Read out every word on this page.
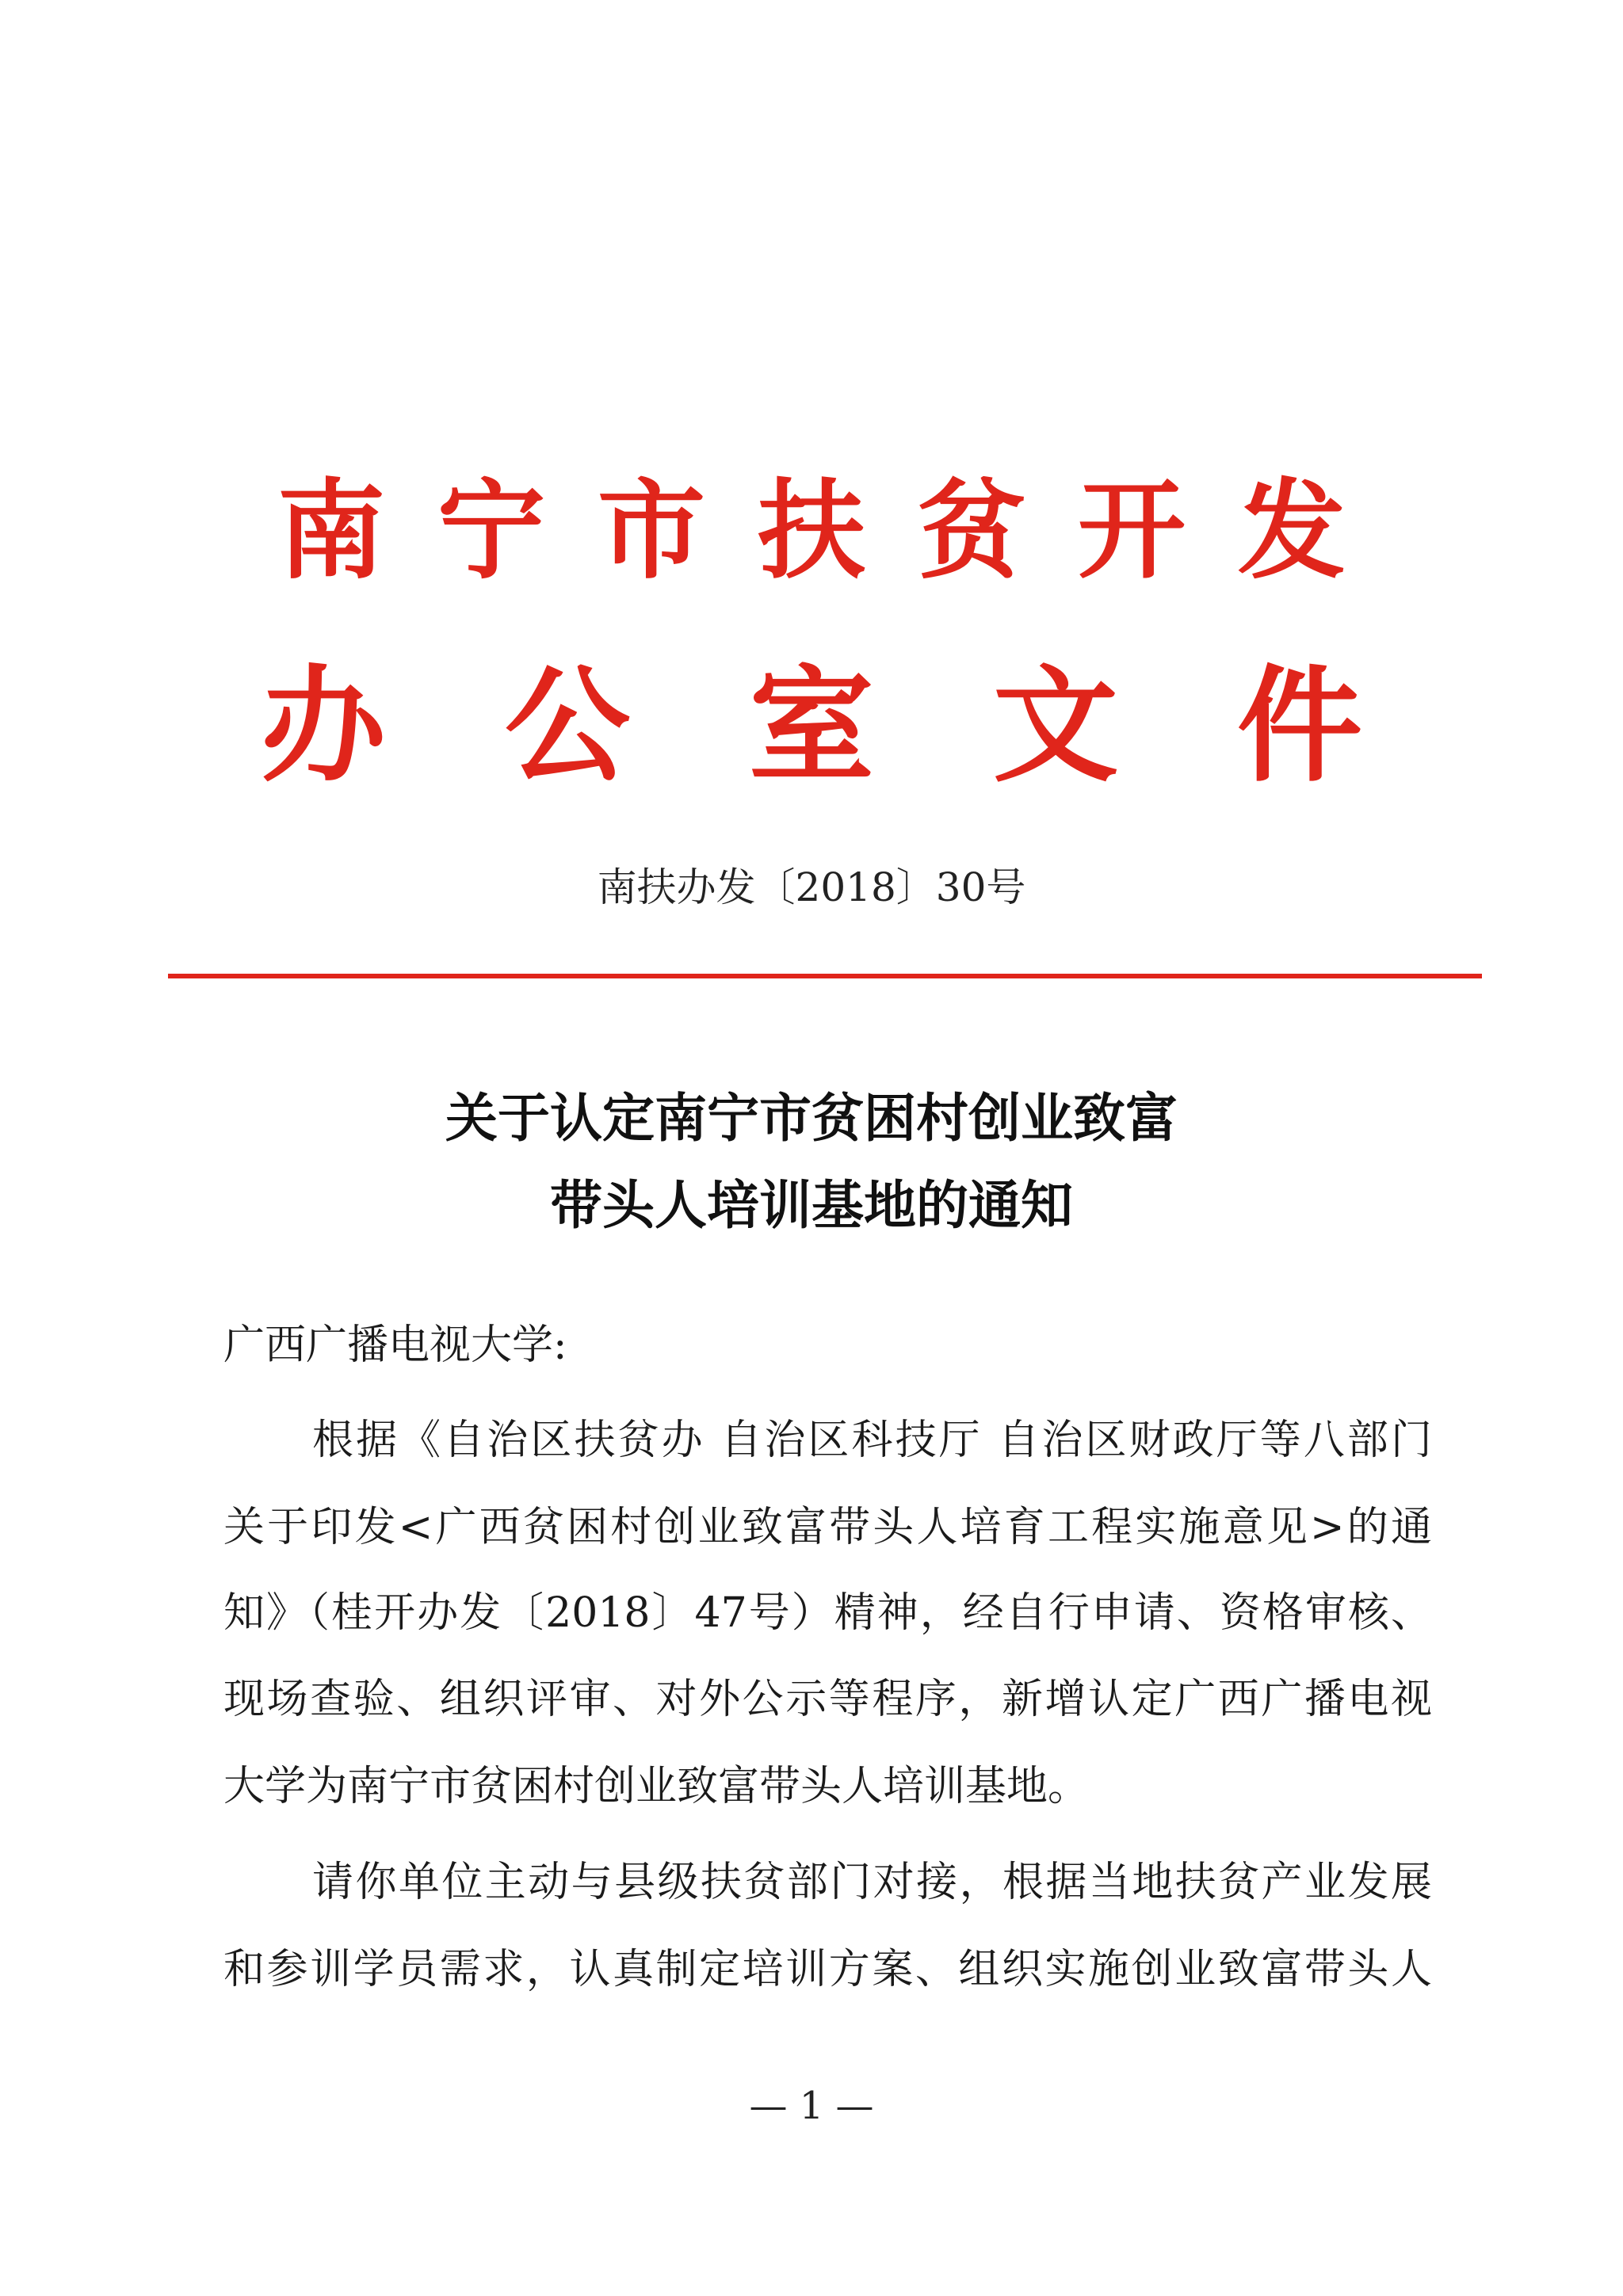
南宁市扶贫开发
办公室文件
南扶办发〔2018〕30号
关于认定南宁市贫困村创业致富
带头人培训基地的通知
广西广播电视大学:
根据《自治区扶贫办 自治区科技厅 自治区财政厅等八部门
关于印发<广西贫困村创业致富带头人培育工程实施意见>的通
知》（桂开办发〔2018〕47号）精神，经自行申请、资格审核、
现场查验、组织评审、对外公示等程序，新增认定广西广播电视
大学为南宁市贫困村创业致富带头人培训基地。
请你单位主动与县级扶贫部门对接，根据当地扶贫产业发展
和参训学员需求，认真制定培训方案、组织实施创业致富带头人
— 1 —
